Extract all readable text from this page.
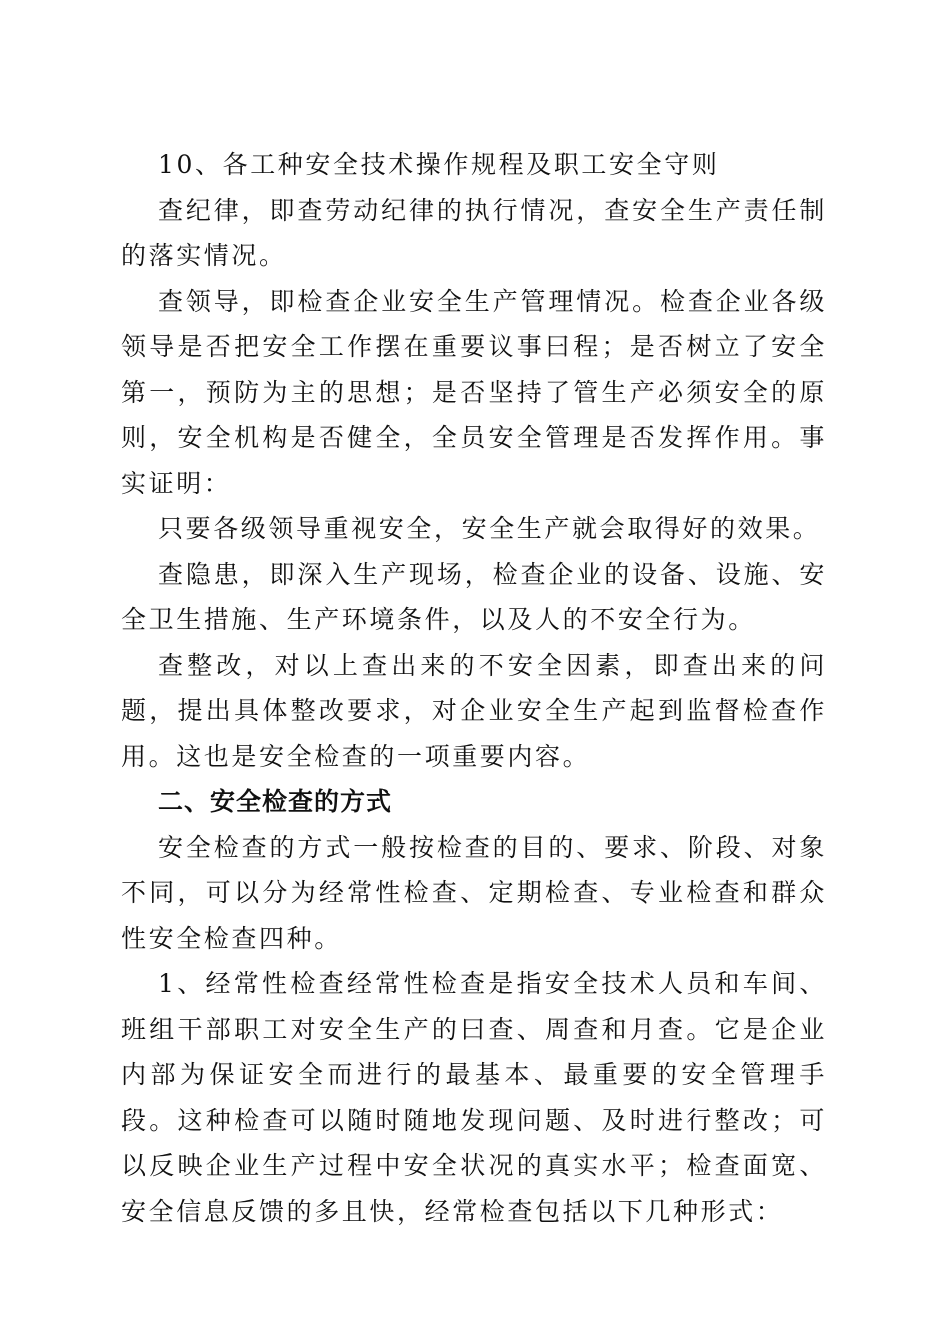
10、各工种安全技术操作规程及职工安全守则

查纪律，即查劳动纪律的执行情况，查安全生产责任制的落实情况。

查领导，即检查企业安全生产管理情况。检查企业各级领导是否把安全工作摆在重要议事曰程；是否树立了安全第一，预防为主的思想；是否坚持了管生产必须安全的原则，安全机构是否健全，全员安全管理是否发挥作用。事实证明：

只要各级领导重视安全，安全生产就会取得好的效果。

查隐患，即深入生产现场，检查企业的设备、设施、安全卫生措施、生产环境条件，以及人的不安全行为。

查整改，对以上查出来的不安全因素，即查出来的问题，提出具体整改要求，对企业安全生产起到监督检查作用。这也是安全检查的一项重要内容。

二、安全检查的方式

安全检查的方式一般按检查的目的、要求、阶段、对象不同，可以分为经常性检查、定期检查、专业检查和群众性安全检查四种。

1、经常性检查经常性检查是指安全技术人员和车间、班组干部职工对安全生产的曰查、周查和月查。它是企业内部为保证安全而进行的最基本、最重要的安全管理手段。这种检查可以随时随地发现问题、及时进行整改；可以反映企业生产过程中安全状况的真实水平；检查面宽、安全信息反馈的多且快，经常检查包括以下几种形式：
